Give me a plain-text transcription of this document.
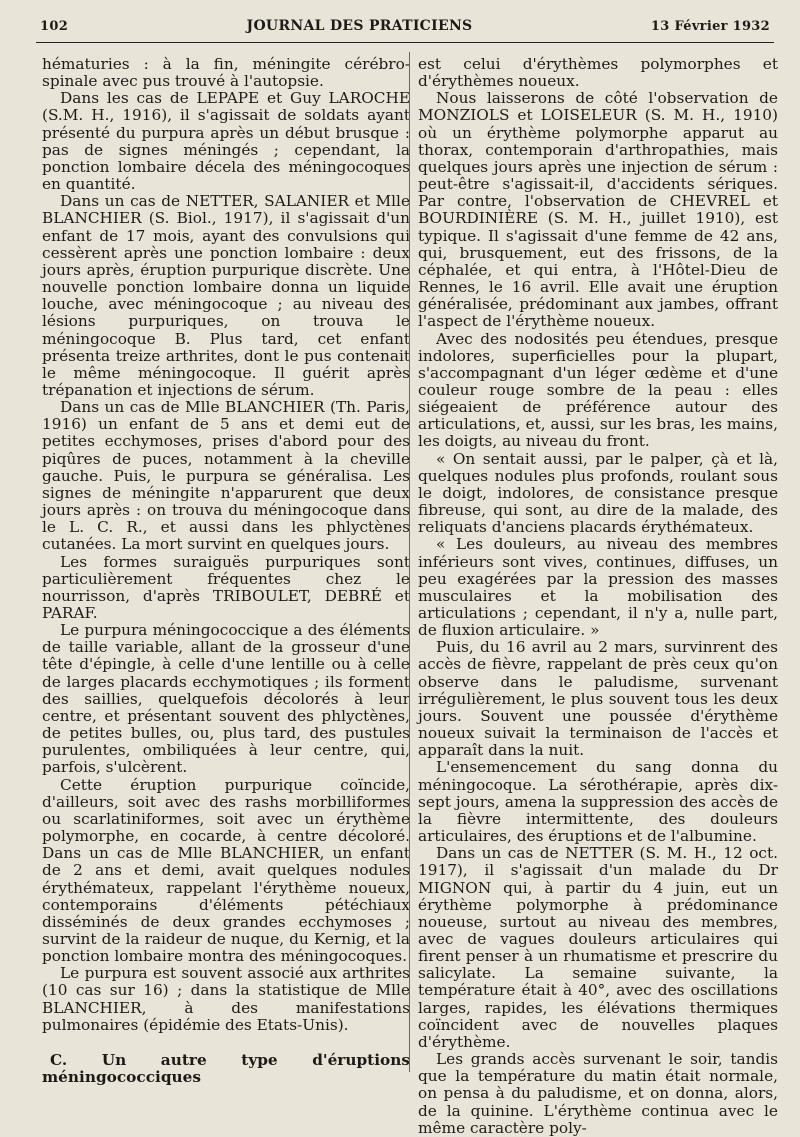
102	JOURNAL DES PRATICIENS	13 Février 1932

hématuries : à la fin, méningite cérébro-spinale avec pus trouvé à l'autopsie.

Dans les cas de LEPAPE et Guy LAROCHE (S.M. H., 1916), il s'agissait de soldats ayant présenté du purpura après un début brusque : pas de signes méningés ; cependant, la ponction lombaire décela des méningocoques en quantité.

Dans un cas de NETTER, SALANIER et Mlle BLANCHIER (S. Biol., 1917), il s'agissait d'un enfant de 17 mois, ayant des convulsions qui cessèrent après une ponction lombaire : deux jours après, éruption purpurique discrète. Une nouvelle ponction lombaire donna un liquide louche, avec méningocoque ; au niveau des lésions purpuriques, on trouva le méningocoque B. Plus tard, cet enfant présenta treize arthrites, dont le pus contenait le même méningocoque. Il guérit après trépanation et injections de sérum.

Dans un cas de Mlle BLANCHIER (Th. Paris, 1916) un enfant de 5 ans et demi eut de petites ecchymoses, prises d'abord pour des piqûres de puces, notamment à la cheville gauche. Puis, le purpura se généralisa. Les signes de méningite n'apparurent que deux jours après : on trouva du méningocoque dans le L. C. R., et aussi dans les phlyctènes cutanées. La mort survint en quelques jours.

Les formes suraiguës purpuriques sont particulièrement fréquentes chez le nourrisson, d'après TRIBOULET, DEBRÉ et PARAF.

Le purpura méningococcique a des éléments de taille variable, allant de la grosseur d'une tête d'épingle, à celle d'une lentille ou à celle de larges placards ecchymotiques ; ils forment des saillies, quelquefois décolorés à leur centre, et présentant souvent des phlyctènes, de petites bulles, ou, plus tard, des pustules purulentes, ombiliquées à leur centre, qui, parfois, s'ulcèrent.

Cette éruption purpurique coïncide, d'ailleurs, soit avec des rashs morbilliformes ou scarlatiniformes, soit avec un érythème polymorphe, en cocarde, à centre décoloré. Dans un cas de Mlle BLANCHIER, un enfant de 2 ans et demi, avait quelques nodules érythémateux, rappelant l'érythème noueux, contemporains d'éléments pétéchiaux disséminés de deux grandes ecchymoses ; survint de la raideur de nuque, du Kernig, et la ponction lombaire montra des méningocoques.

Le purpura est souvent associé aux arthrites (10 cas sur 16) ; dans la statistique de Mlle BLANCHIER, à des manifestations pulmonaires (épidémie des Etats-Unis).

C. Un autre type d'éruptions méningococciques

est celui d'érythèmes polymorphes et d'érythèmes noueux.

Nous laisserons de côté l'observation de MONZIOLS et LOISELEUR (S. M. H., 1910) où un érythème polymorphe apparut au thorax, contemporain d'arthropathies, mais quelques jours après une injection de sérum : peut-être s'agissait-il, d'accidents sériques. Par contre, l'observation de CHEVREL et BOURDINIÈRE (S. M. H., juillet 1910), est typique. Il s'agissait d'une femme de 42 ans, qui, brusquement, eut des frissons, de la céphalée, et qui entra, à l'Hôtel-Dieu de Rennes, le 16 avril. Elle avait une éruption généralisée, prédominant aux jambes, offrant l'aspect de l'érythème noueux.

Avec des nodosités peu étendues, presque indolores, superficielles pour la plupart, s'accompagnant d'un léger œdème et d'une couleur rouge sombre de la peau : elles siégeaient de préférence autour des articulations, et, aussi, sur les bras, les mains, les doigts, au niveau du front.

« On sentait aussi, par le palper, çà et là, quelques nodules plus profonds, roulant sous le doigt, indolores, de consistance presque fibreuse, qui sont, au dire de la malade, des reliquats d'anciens placards érythémateux.

« Les douleurs, au niveau des membres inférieurs sont vives, continues, diffuses, un peu exagérées par la pression des masses musculaires et la mobilisation des articulations ; cependant, il n'y a, nulle part, de fluxion articulaire. »

Puis, du 16 avril au 2 mars, survinrent des accès de fièvre, rappelant de près ceux qu'on observe dans le paludisme, survenant irrégulièrement, le plus souvent tous les deux jours. Souvent une poussée d'érythème noueux suivait la terminaison de l'accès et apparaît dans la nuit.

L'ensemencement du sang donna du méningocoque. La sérothérapie, après dix-sept jours, amena la suppression des accès de la fièvre intermittente, des douleurs articulaires, des éruptions et de l'albumine.

Dans un cas de NETTER (S. M. H., 12 oct. 1917), il s'agissait d'un malade du Dr MIGNON qui, à partir du 4 juin, eut un érythème polymorphe à prédominance noueuse, surtout au niveau des membres, avec de vagues douleurs articulaires qui firent penser à un rhumatisme et prescrire du salicylate. La semaine suivante, la température était à 40°, avec des oscillations larges, rapides, les élévations thermiques coïncident avec de nouvelles plaques d'érythème.

Les grands accès survenant le soir, tandis que la température du matin était normale, on pensa à du paludisme, et on donna, alors, de la quinine. L'érythème continua avec le même caractère poly-
